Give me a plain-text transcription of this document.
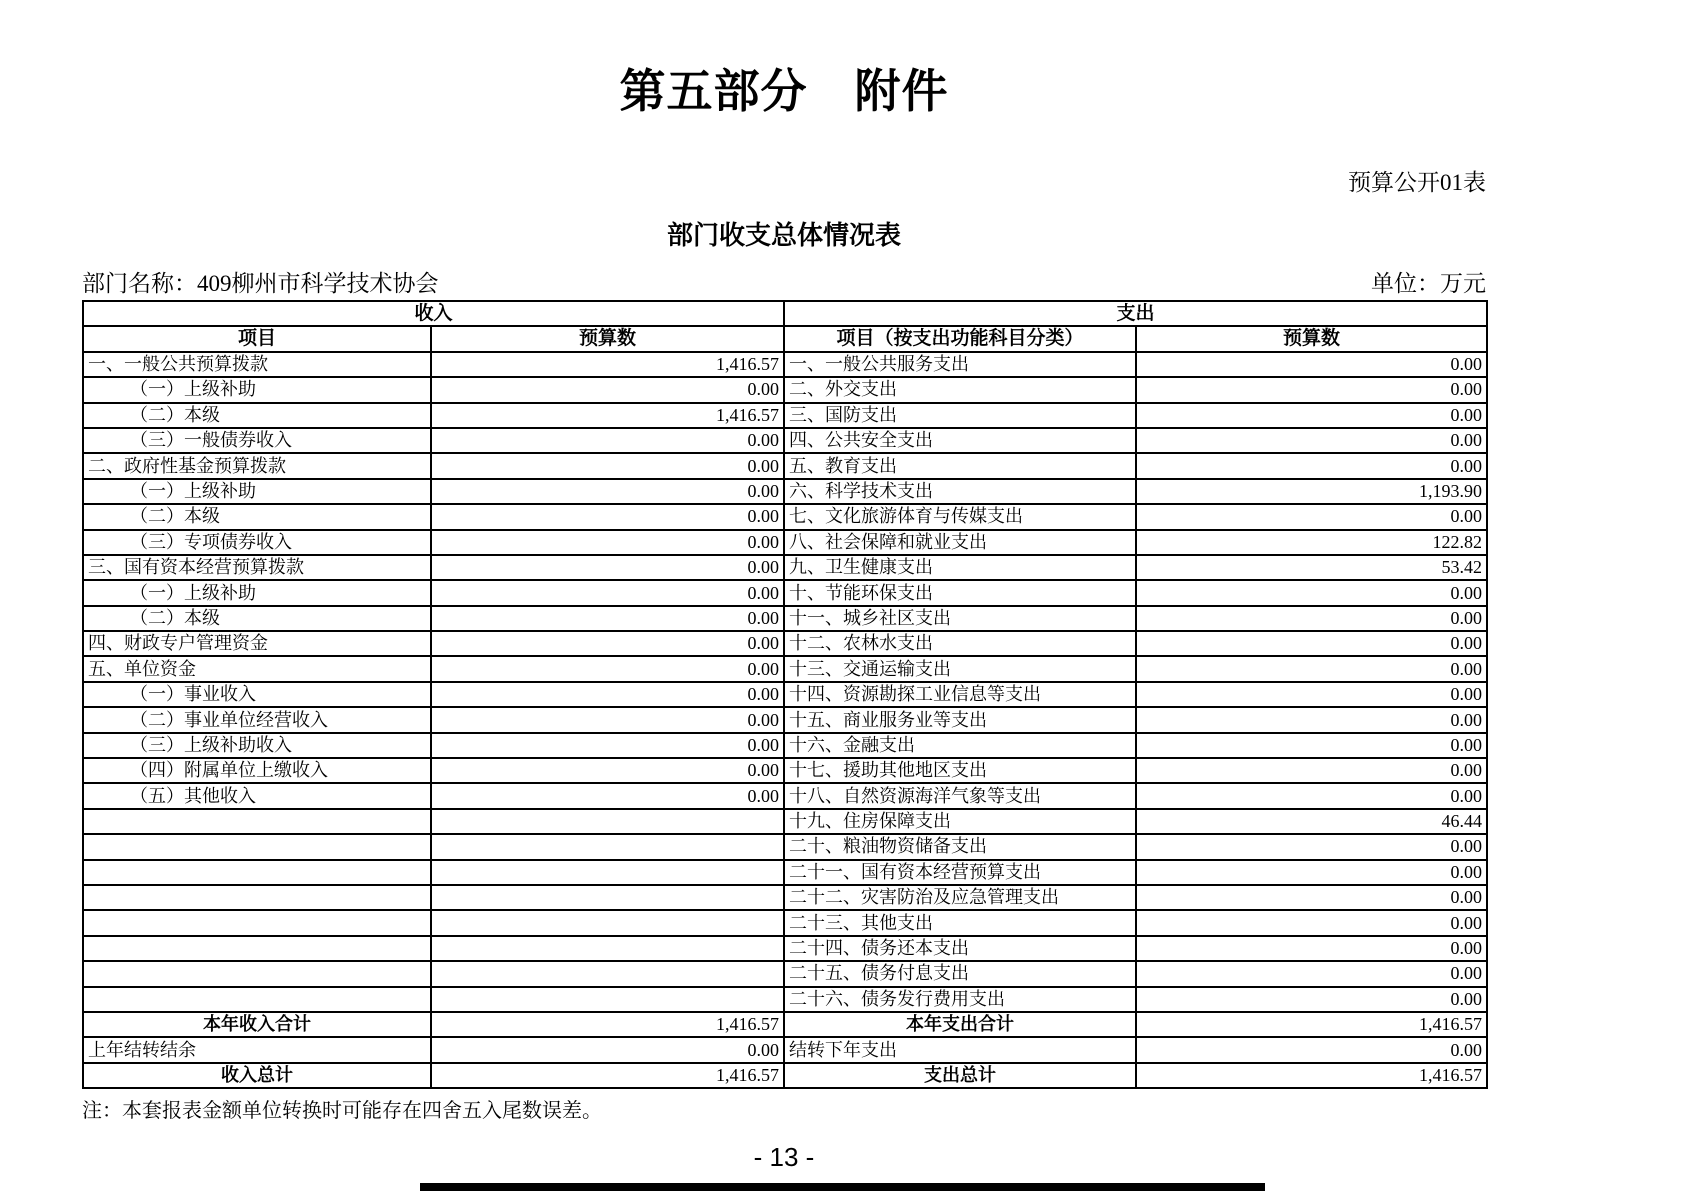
第五部分　附件
预算公开01表
部门收支总体情况表
部门名称：409柳州市科学技术协会	单位：万元
收入		支出	
项目	预算数	项目（按支出功能科目分类）	预算数
一、一般公共预算拨款	1,416.57	一、一般公共服务支出	0.00
（一）上级补助	0.00	二、外交支出	0.00
（二）本级	1,416.57	三、国防支出	0.00
（三）一般债券收入	0.00	四、公共安全支出	0.00
二、政府性基金预算拨款	0.00	五、教育支出	0.00
（一）上级补助	0.00	六、科学技术支出	1,193.90
（二）本级	0.00	七、文化旅游体育与传媒支出	0.00
（三）专项债券收入	0.00	八、社会保障和就业支出	122.82
三、国有资本经营预算拨款	0.00	九、卫生健康支出	53.42
（一）上级补助	0.00	十、节能环保支出	0.00
（二）本级	0.00	十一、城乡社区支出	0.00
四、财政专户管理资金	0.00	十二、农林水支出	0.00
五、单位资金	0.00	十三、交通运输支出	0.00
（一）事业收入	0.00	十四、资源勘探工业信息等支出	0.00
（二）事业单位经营收入	0.00	十五、商业服务业等支出	0.00
（三）上级补助收入	0.00	十六、金融支出	0.00
（四）附属单位上缴收入	0.00	十七、援助其他地区支出	0.00
（五）其他收入	0.00	十八、自然资源海洋气象等支出	0.00
		十九、住房保障支出	46.44
		二十、粮油物资储备支出	0.00
		二十一、国有资本经营预算支出	0.00
		二十二、灾害防治及应急管理支出	0.00
		二十三、其他支出	0.00
		二十四、债务还本支出	0.00
		二十五、债务付息支出	0.00
		二十六、债务发行费用支出	0.00
本年收入合计	1,416.57	本年支出合计	1,416.57
上年结转结余	0.00	结转下年支出	0.00
收入总计	1,416.57	支出总计	1,416.57
注：本套报表金额单位转换时可能存在四舍五入尾数误差。
- 13 -
